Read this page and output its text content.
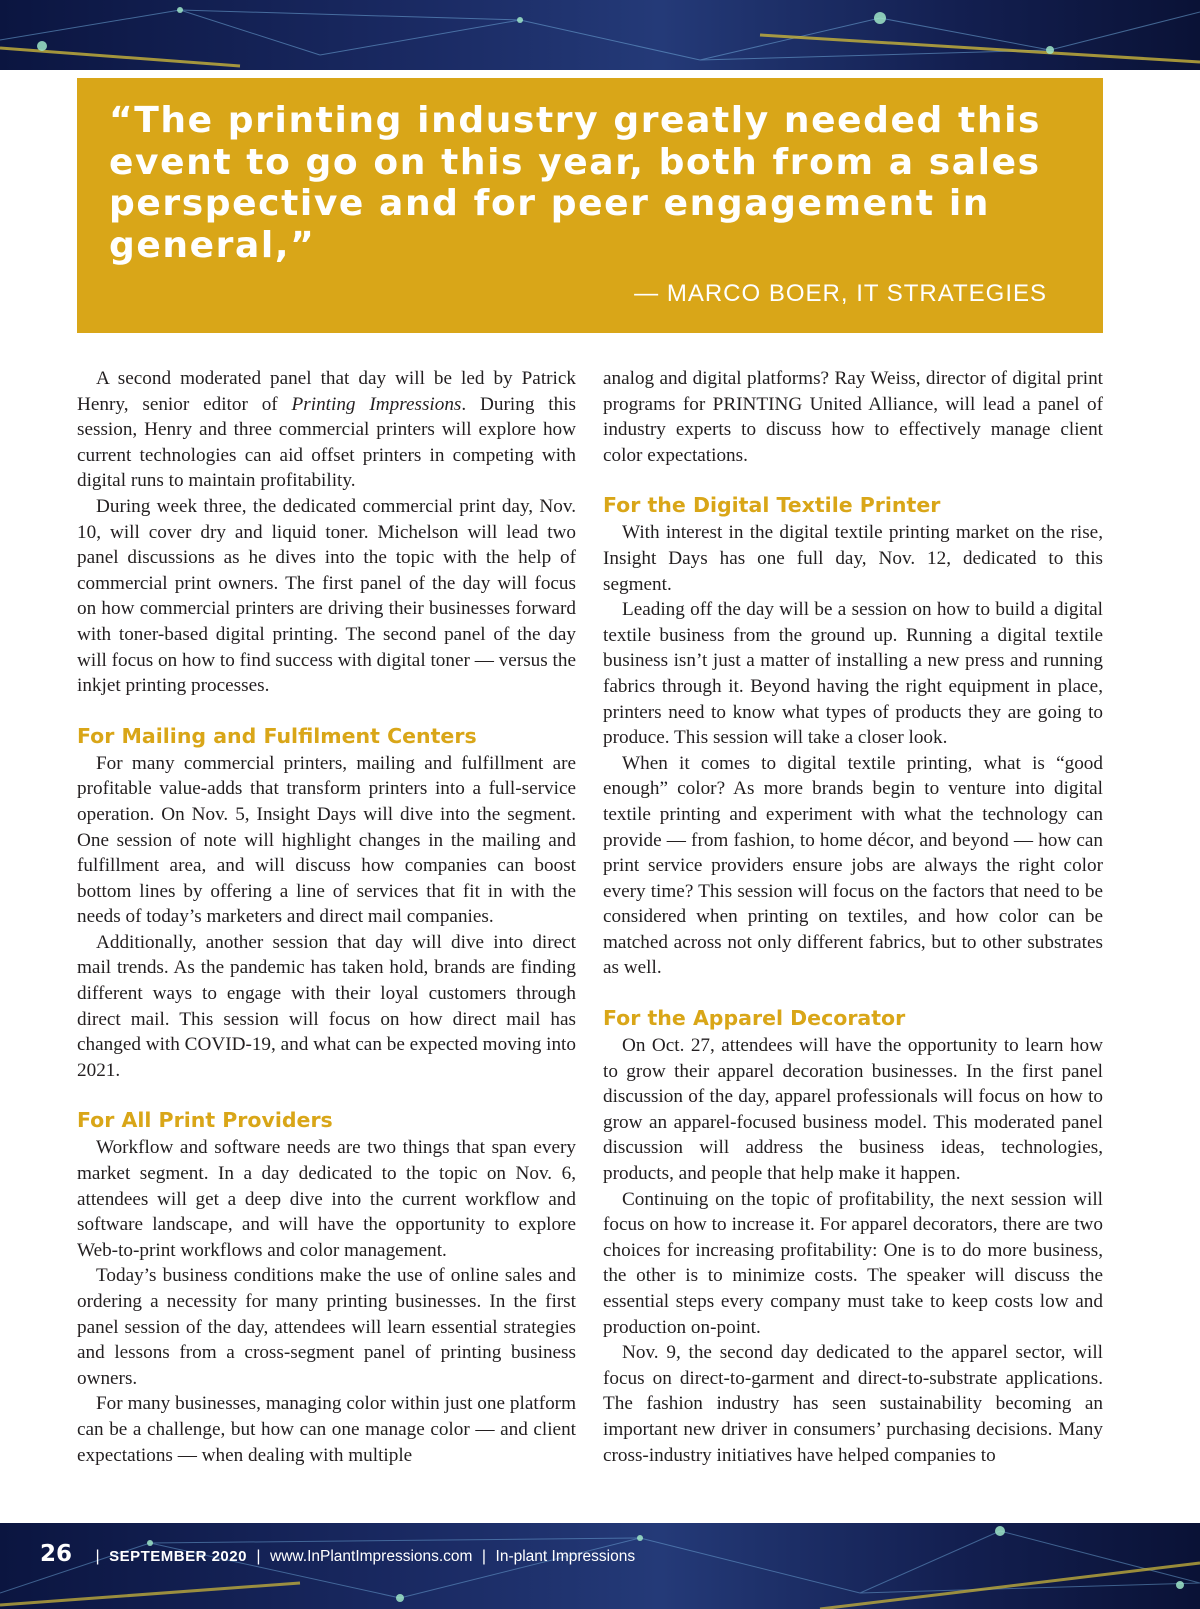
“The printing industry greatly needed this event to go on this year, both from a sales perspective and for peer engagement in general,”

— MARCO BOER, IT STRATEGIES

A second moderated panel that day will be led by Patrick Henry, senior editor of Printing Impressions. During this session, Henry and three commercial printers will explore how current technologies can aid offset printers in competing with digital runs to maintain profitability.

During week three, the dedicated commercial print day, Nov. 10, will cover dry and liquid toner. Michelson will lead two panel discussions as he dives into the topic with the help of commercial print owners. The first panel of the day will focus on how commercial printers are driving their businesses forward with toner-based digital printing. The second panel of the day will focus on how to find success with digital toner — versus the inkjet printing processes.

For Mailing and Fulfilment Centers

For many commercial printers, mailing and fulfillment are profitable value-adds that transform printers into a full-service operation. On Nov. 5, Insight Days will dive into the segment. One session of note will highlight changes in the mailing and fulfillment area, and will discuss how companies can boost bottom lines by offering a line of services that fit in with the needs of today’s marketers and direct mail companies.

Additionally, another session that day will dive into direct mail trends. As the pandemic has taken hold, brands are finding different ways to engage with their loyal customers through direct mail. This session will focus on how direct mail has changed with COVID-19, and what can be expected moving into 2021.

For All Print Providers

Workflow and software needs are two things that span every market segment. In a day dedicated to the topic on Nov. 6, attendees will get a deep dive into the current workflow and software landscape, and will have the opportunity to explore Web-to-print workflows and color management.

Today’s business conditions make the use of online sales and ordering a necessity for many printing businesses. In the first panel session of the day, attendees will learn essential strategies and lessons from a cross-segment panel of printing business owners.

For many businesses, managing color within just one platform can be a challenge, but how can one manage color — and client expectations — when dealing with multiple

analog and digital platforms? Ray Weiss, director of digital print programs for PRINTING United Alliance, will lead a panel of industry experts to discuss how to effectively manage client color expectations.

For the Digital Textile Printer

With interest in the digital textile printing market on the rise, Insight Days has one full day, Nov. 12, dedicated to this segment.

Leading off the day will be a session on how to build a digital textile business from the ground up. Running a digital textile business isn’t just a matter of installing a new press and running fabrics through it. Beyond having the right equipment in place, printers need to know what types of products they are going to produce. This session will take a closer look.

When it comes to digital textile printing, what is “good enough” color? As more brands begin to venture into digital textile printing and experiment with what the technology can provide — from fashion, to home décor, and beyond — how can print service providers ensure jobs are always the right color every time? This session will focus on the factors that need to be considered when printing on textiles, and how color can be matched across not only different fabrics, but to other substrates as well.

For the Apparel Decorator

On Oct. 27, attendees will have the opportunity to learn how to grow their apparel decoration businesses. In the first panel discussion of the day, apparel professionals will focus on how to grow an apparel-focused business model. This moderated panel discussion will address the business ideas, technologies, products, and people that help make it happen.

Continuing on the topic of profitability, the next session will focus on how to increase it. For apparel decorators, there are two choices for increasing profitability: One is to do more business, the other is to minimize costs. The speaker will discuss the essential steps every company must take to keep costs low and production on-point.

Nov. 9, the second day dedicated to the apparel sector, will focus on direct-to-garment and direct-to-substrate applications. The fashion industry has seen sustainability becoming an important new driver in consumers’ purchasing decisions. Many cross-industry initiatives have helped companies to

26 | SEPTEMBER 2020 | www.InPlantImpressions.com | In-plant Impressions
